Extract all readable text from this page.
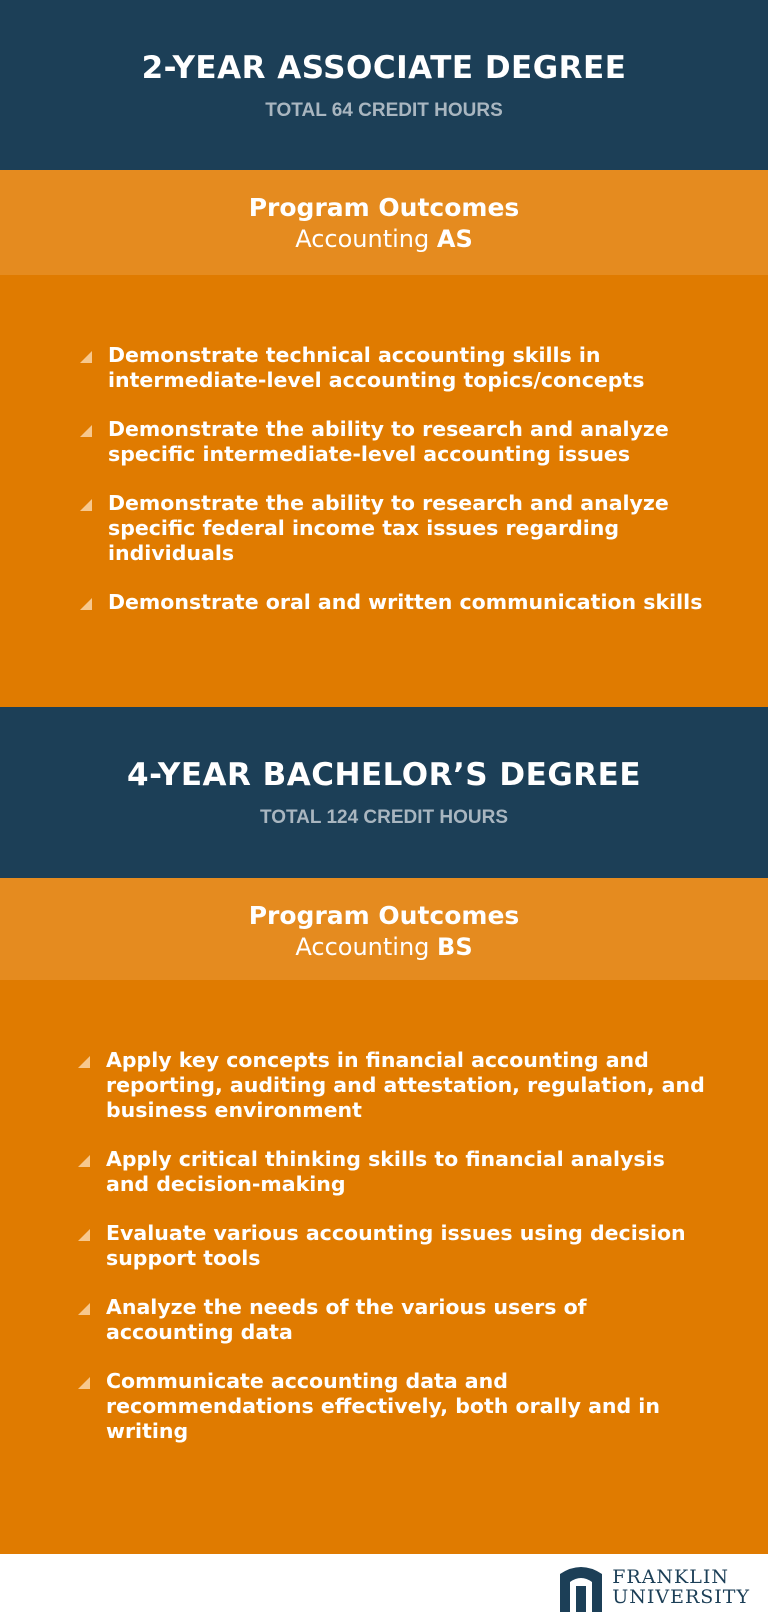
2-YEAR ASSOCIATE DEGREE
TOTAL 64 CREDIT HOURS
Program Outcomes
Accounting AS
Demonstrate technical accounting skills in intermediate-level accounting topics/concepts
Demonstrate the ability to research and analyze specific intermediate-level accounting issues
Demonstrate the ability to research and analyze specific federal income tax issues regarding individuals
Demonstrate oral and written communication skills
4-YEAR BACHELOR’S DEGREE
TOTAL 124 CREDIT HOURS
Program Outcomes
Accounting BS
Apply key concepts in financial accounting and reporting, auditing and attestation, regulation, and business environment
Apply critical thinking skills to financial analysis and decision-making
Evaluate various accounting issues using decision support tools
Analyze the needs of the various users of accounting data
Communicate accounting data and recommendations effectively, both orally and in writing
FRANKLIN
UNIVERSITY
